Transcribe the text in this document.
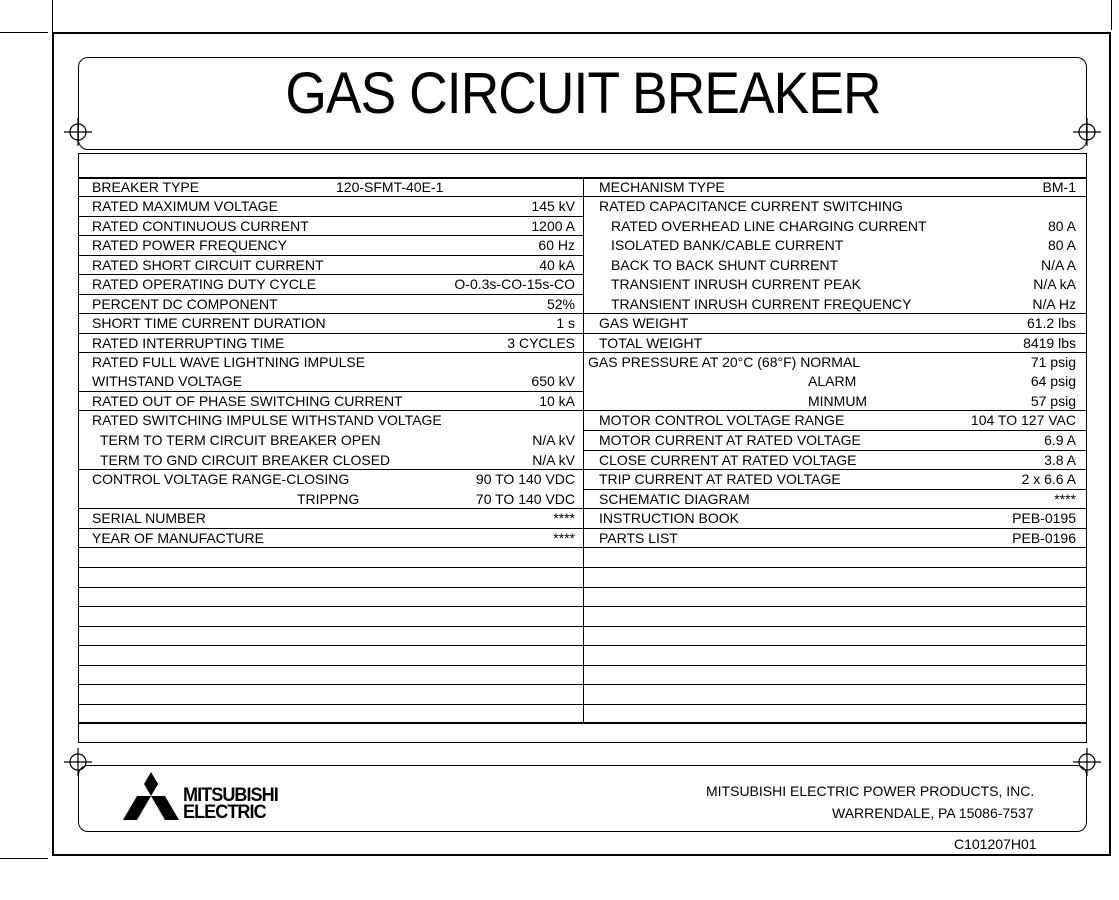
GAS CIRCUIT BREAKER
BREAKER TYPE	120-SFMT-40E-1
RATED MAXIMUM VOLTAGE	145 kV
RATED CONTINUOUS CURRENT	1200 A
RATED POWER FREQUENCY	60 Hz
RATED SHORT CIRCUIT CURRENT	40 kA
RATED OPERATING DUTY CYCLE	O-0.3s-CO-15s-CO
PERCENT DC COMPONENT	52%
SHORT TIME CURRENT DURATION	1 s
RATED INTERRUPTING TIME	3 CYCLES
RATED FULL WAVE LIGHTNING IMPULSE
WITHSTAND VOLTAGE	650 kV
RATED OUT OF PHASE SWITCHING CURRENT	10 kA
RATED SWITCHING IMPULSE WITHSTAND VOLTAGE
TERM TO TERM CIRCUIT BREAKER OPEN	N/A kV
TERM TO GND CIRCUIT BREAKER CLOSED	N/A kV
CONTROL VOLTAGE RANGE-CLOSING	90 TO 140 VDC
TRIPPNG	70 TO 140 VDC
SERIAL NUMBER	****
YEAR OF MANUFACTURE	****
MECHANISM TYPE	BM-1
RATED CAPACITANCE CURRENT SWITCHING
RATED OVERHEAD LINE CHARGING CURRENT	80 A
ISOLATED BANK/CABLE CURRENT	80 A
BACK TO BACK SHUNT CURRENT	N/A A
TRANSIENT INRUSH CURRENT PEAK	N/A kA
TRANSIENT INRUSH CURRENT FREQUENCY	N/A Hz
GAS WEIGHT	61.2 lbs
TOTAL WEIGHT	8419 lbs
GAS PRESSURE AT 20°C (68°F) NORMAL	71 psig
ALARM	64 psig
MINMUM	57 psig
MOTOR CONTROL VOLTAGE RANGE	104 TO 127 VAC
MOTOR CURRENT AT RATED VOLTAGE	6.9 A
CLOSE CURRENT AT RATED VOLTAGE	3.8 A
TRIP CURRENT AT RATED VOLTAGE	2 x 6.6 A
SCHEMATIC DIAGRAM	****
INSTRUCTION BOOK	PEB-0195
PARTS LIST	PEB-0196
MITSUBISHI
ELECTRIC
MITSUBISHI ELECTRIC POWER PRODUCTS, INC.
WARRENDALE, PA 15086-7537
C101207H01
